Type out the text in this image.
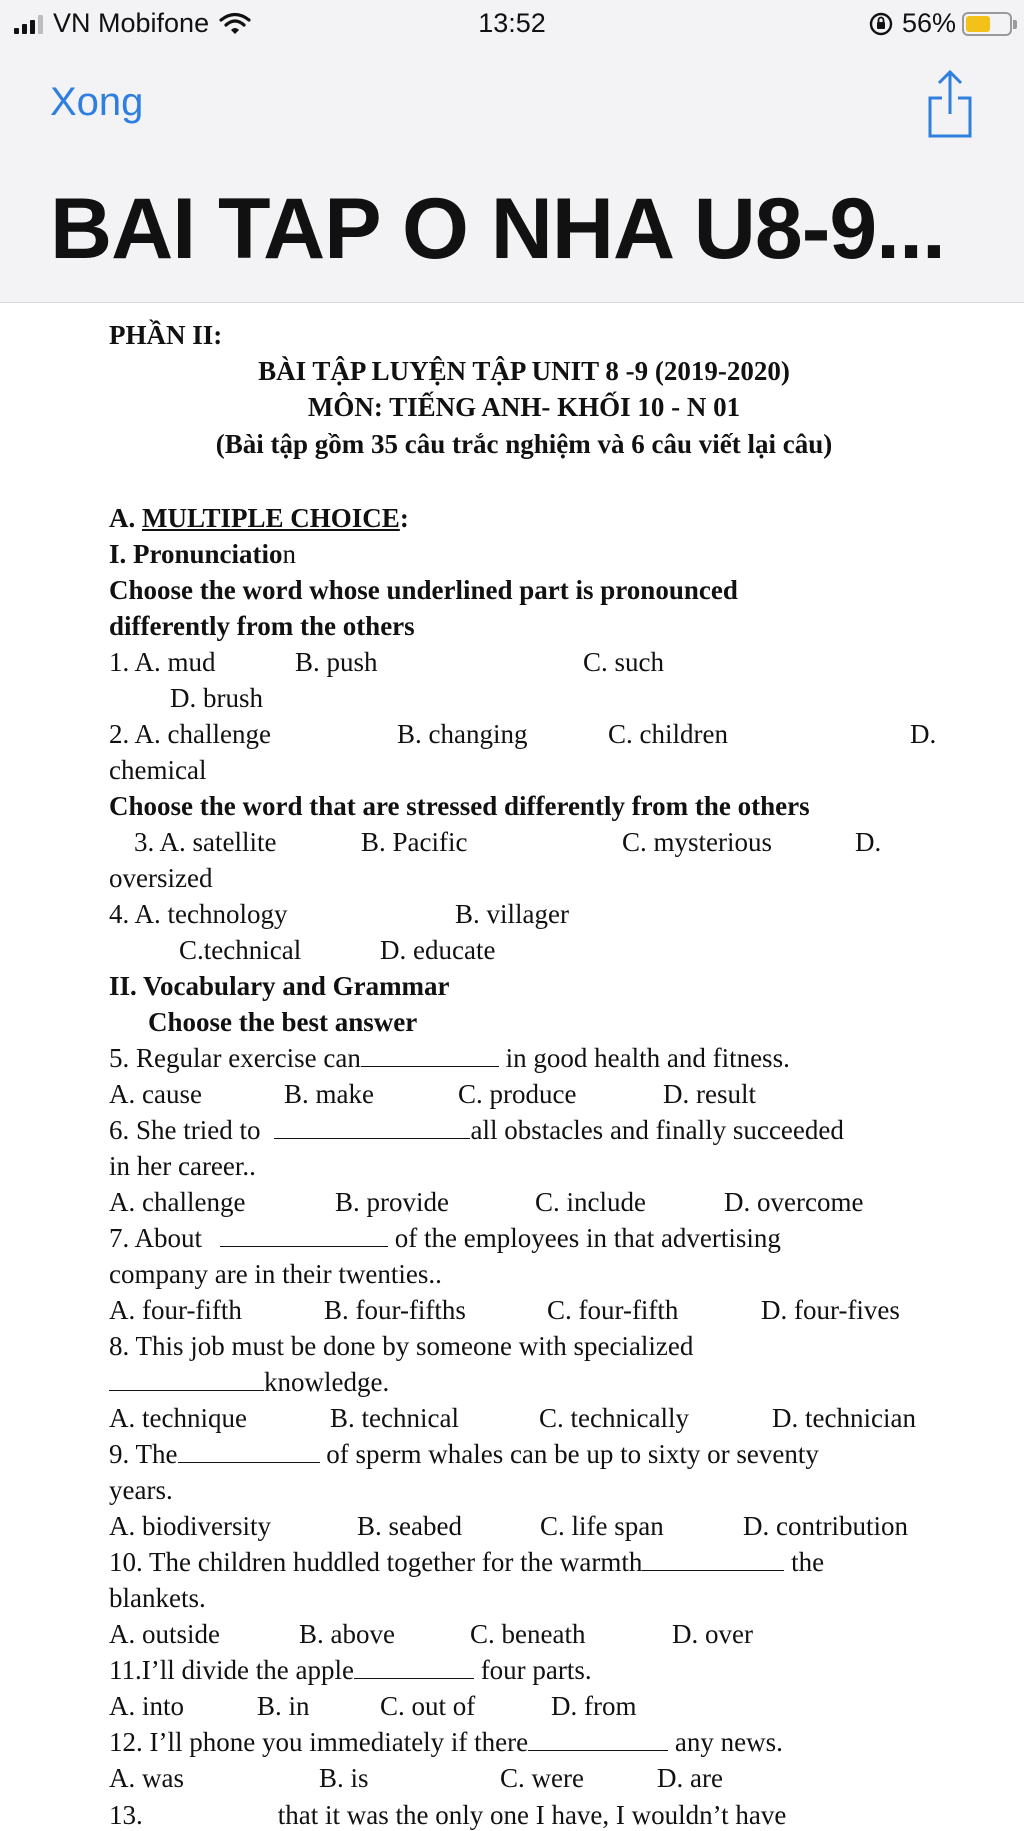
VN Mobifone	13:52	56%
Xong
BAI TAP O NHA U8-9...
PHẦN II:
BÀI TẬP LUYỆN TẬP UNIT 8 -9 (2019-2020)
MÔN: TIẾNG ANH- KHỐI 10 - N 01
(Bài tập gồm 35 câu trắc nghiệm và 6 câu viết lại câu)
A. MULTIPLE CHOICE:
I. Pronunciation
Choose the word whose underlined part is pronounced
differently from the others
1. A. mud	B. push	C. such
D. brush
2. A. challenge	B. changing	C. children	D.
chemical
Choose the word that are stressed differently from the others
3. A. satellite	B. Pacific	C. mysterious	D.
oversized
4. A. technology	B. villager
C.technical	D. educate
II. Vocabulary and Grammar
Choose the best answer
5. Regular exercise can	in good health and fitness.
A. cause	B. make	C. produce	D. result
6. She tried to	all obstacles and finally succeeded
in her career..
A. challenge	B. provide	C. include	D. overcome
7. About	of the employees in that advertising
company are in their twenties..
A. four-fifth	B. four-fifths	C. four-fifth	D. four-fives
8. This job must be done by someone with specialized
knowledge.
A. technique	B. technical	C. technically	D. technician
9. The	of sperm whales can be up to sixty or seventy
years.
A. biodiversity	B. seabed	C. life span	D. contribution
10. The children huddled together for the warmth	the
blankets.
A. outside	B. above	C. beneath	D. over
11.I’ll divide the apple	four parts.
A. into	B. in	C. out of	D. from
12. I’ll phone you immediately if there	any news.
A. was	B. is	C. were	D. are
13.                    that it was the only one I have, I wouldn’t have
